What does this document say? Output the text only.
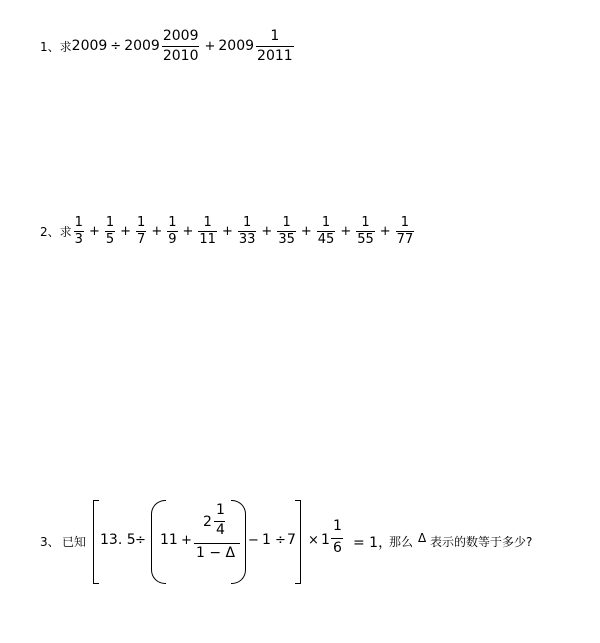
1、 求 $2009 \div 2009 \frac{2009}{2010} + 2009 \frac{1}{2011}$
2、 求 $\frac{1}{3} + \frac{1}{5} + \frac{1}{7} + \frac{1}{9} + \frac{1}{11} + \frac{1}{33} + \frac{1}{35} + \frac{1}{45} + \frac{1}{55} + \frac{1}{77}$
3、 已知 13. 5 ÷ 11 +
2
1
4
1 − Δ
− 1 ÷ 7 × 1
1
6 = 1，
那么 Δ 表示的数等于多少?
